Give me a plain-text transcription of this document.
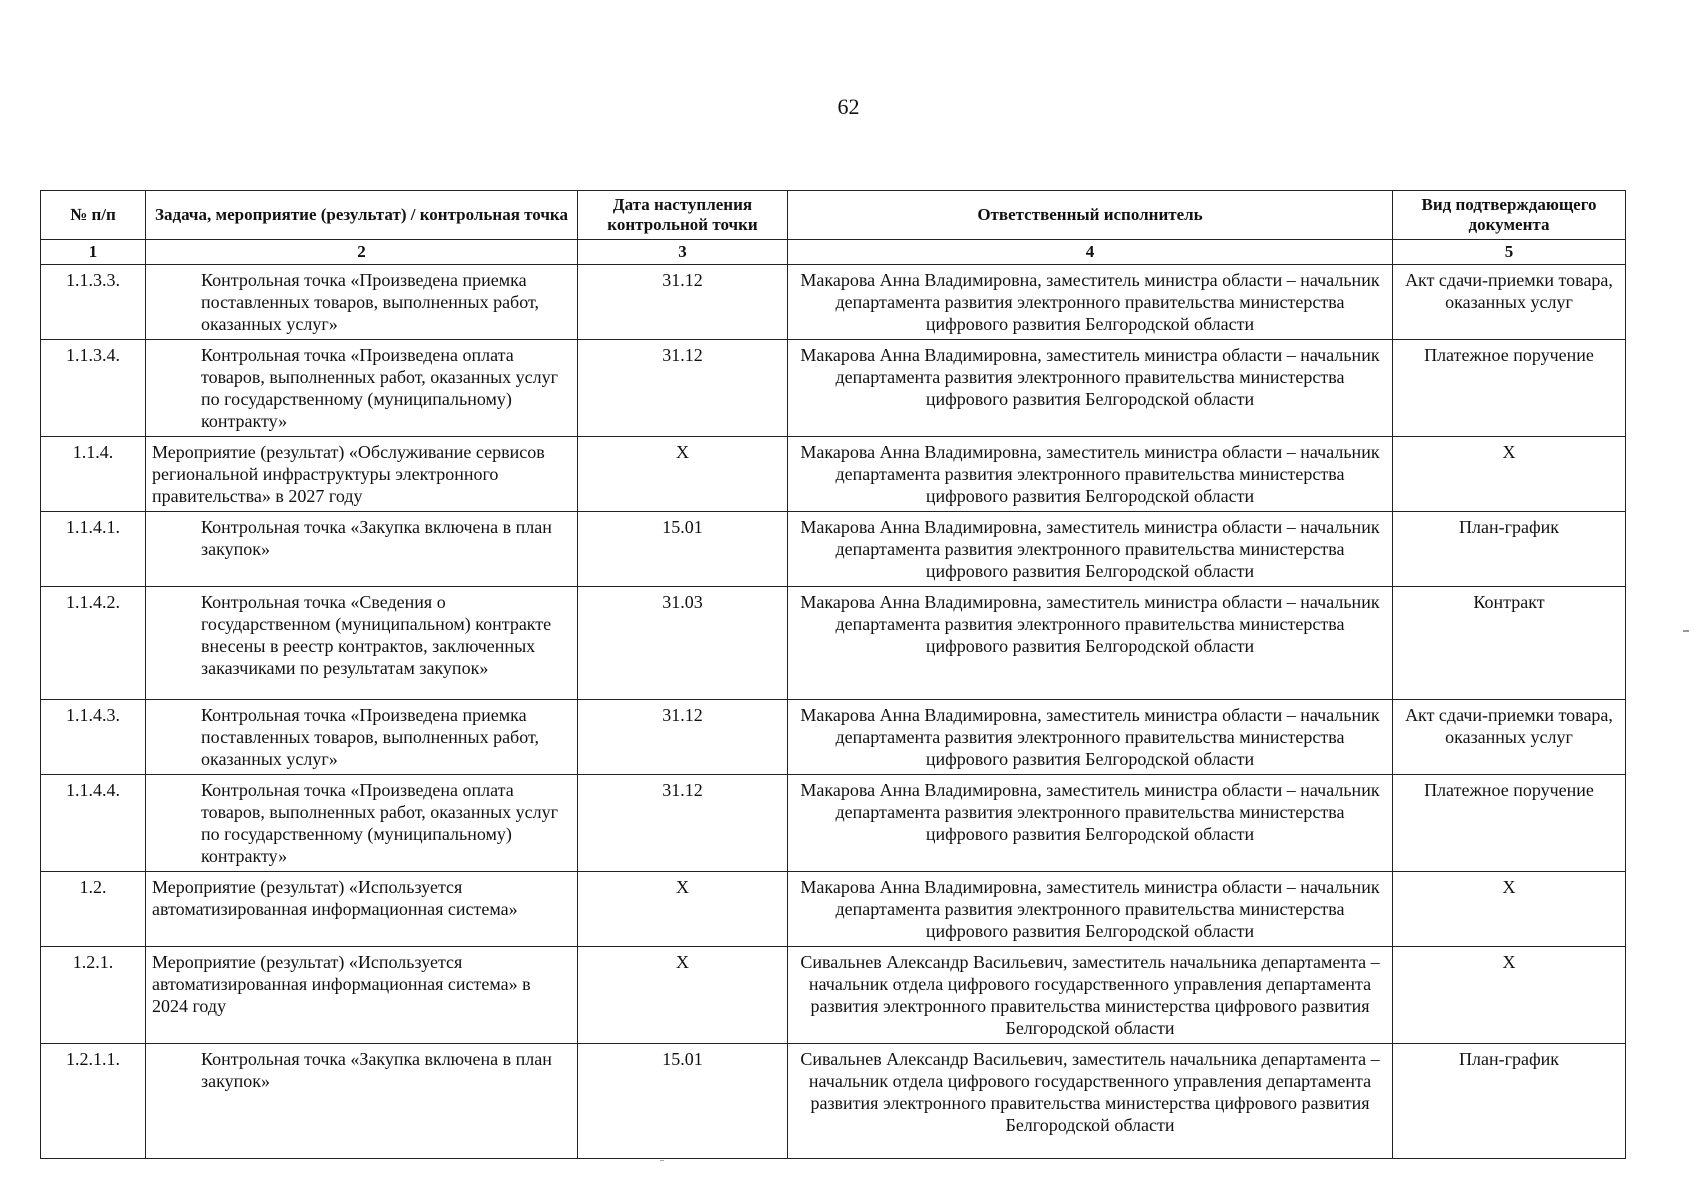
62
№ п/п	Задача, мероприятие (результат) / контрольная точка	Дата наступления контрольной точки	Ответственный исполнитель	Вид подтверждающего документа
1	2	3	4	5
1.1.3.3.	Контрольная точка «Произведена приемка поставленных товаров, выполненных работ, оказанных услуг»	31.12	Макарова Анна Владимировна, заместитель министра области – начальник департамента развития электронного правительства министерства цифрового развития Белгородской области	Акт сдачи-приемки товара, оказанных услуг
1.1.3.4.	Контрольная точка «Произведена оплата товаров, выполненных работ, оказанных услуг по государственному (муниципальному) контракту»	31.12	Макарова Анна Владимировна, заместитель министра области – начальник департамента развития электронного правительства министерства цифрового развития Белгородской области	Платежное поручение
1.1.4.	Мероприятие (результат) «Обслуживание сервисов региональной инфраструктуры электронного правительства» в 2027 году	X	Макарова Анна Владимировна, заместитель министра области – начальник департамента развития электронного правительства министерства цифрового развития Белгородской области	X
1.1.4.1.	Контрольная точка «Закупка включена в план закупок»	15.01	Макарова Анна Владимировна, заместитель министра области – начальник департамента развития электронного правительства министерства цифрового развития Белгородской области	План-график
1.1.4.2.	Контрольная точка «Сведения о государственном (муниципальном) контракте внесены в реестр контрактов, заключенных заказчиками по результатам закупок»	31.03	Макарова Анна Владимировна, заместитель министра области – начальник департамента развития электронного правительства министерства цифрового развития Белгородской области	Контракт
1.1.4.3.	Контрольная точка «Произведена приемка поставленных товаров, выполненных работ, оказанных услуг»	31.12	Макарова Анна Владимировна, заместитель министра области – начальник департамента развития электронного правительства министерства цифрового развития Белгородской области	Акт сдачи-приемки товара, оказанных услуг
1.1.4.4.	Контрольная точка «Произведена оплата товаров, выполненных работ, оказанных услуг по государственному (муниципальному) контракту»	31.12	Макарова Анна Владимировна, заместитель министра области – начальник департамента развития электронного правительства министерства цифрового развития Белгородской области	Платежное поручение
1.2.	Мероприятие (результат) «Используется автоматизированная информационная система»	X	Макарова Анна Владимировна, заместитель министра области – начальник департамента развития электронного правительства министерства цифрового развития Белгородской области	X
1.2.1.	Мероприятие (результат) «Используется автоматизированная информационная система» в 2024 году	X	Сивальнев Александр Васильевич, заместитель начальника департамента – начальник отдела цифрового государственного управления департамента развития электронного правительства министерства цифрового развития Белгородской области	X
1.2.1.1.	Контрольная точка «Закупка включена в план закупок»	15.01	Сивальнев Александр Васильевич, заместитель начальника департамента – начальник отдела цифрового государственного управления департамента развития электронного правительства министерства цифрового развития Белгородской области	План-график
